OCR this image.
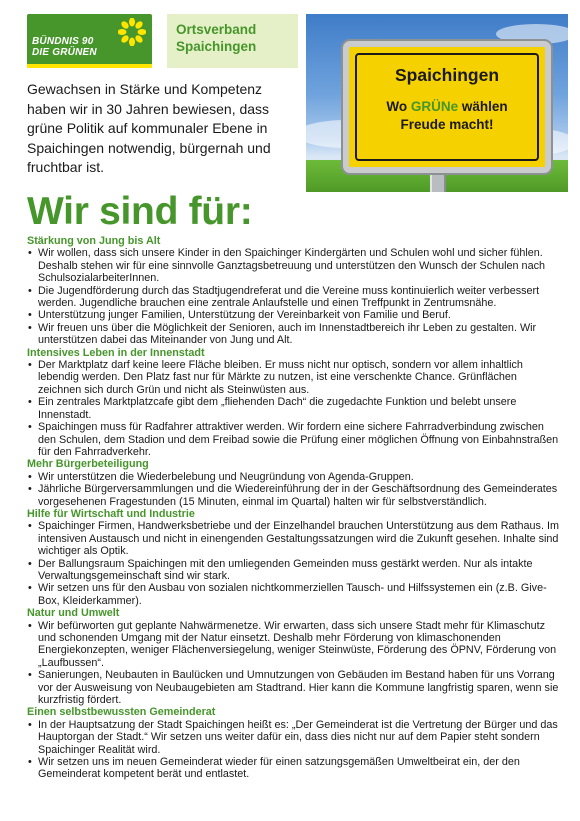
BÜNDNIS 90
DIE GRÜNEN
Ortsverband
Spaichingen
Gewachsen in Stärke und Kompetenz haben wir in 30 Jahren bewiesen, dass grüne Politik auf kommunaler Ebene in Spaichingen notwendig, bürgernah und fruchtbar ist.
Spaichingen
Wo GRÜNe wählen
Freude macht!
Wir sind für:
Stärkung von Jung bis Alt
• Wir wollen, dass sich unsere Kinder in den Spaichinger Kindergärten und Schulen wohl und sicher fühlen. Deshalb stehen wir für eine sinnvolle Ganztagsbetreuung und unterstützen den Wunsch der Schulen nach SchulsozialarbeiterInnen.
• Die Jugendförderung durch das Stadtjugendreferat und die Vereine muss kontinuierlich weiter verbessert werden. Jugendliche brauchen eine zentrale Anlaufstelle und einen Treffpunkt in Zentrumsnähe.
• Unterstützung junger Familien, Unterstützung der Vereinbarkeit von Familie und Beruf.
• Wir freuen uns über die Möglichkeit der Senioren, auch im Innenstadtbereich ihr Leben zu gestalten. Wir unterstützen dabei das Miteinander von Jung und Alt.
Intensives Leben in der Innenstadt
• Der Marktplatz darf keine leere Fläche bleiben. Er muss nicht nur optisch, sondern vor allem inhaltlich lebendig werden. Den Platz fast nur für Märkte zu nutzen, ist eine verschenkte Chance. Grünflächen zeichnen sich durch Grün und nicht als Steinwüsten aus.
• Ein zentrales Marktplatzcafe gibt dem „fliehenden Dach“ die zugedachte Funktion und belebt unsere Innenstadt.
• Spaichingen muss für Radfahrer attraktiver werden. Wir fordern eine sichere Fahrradverbindung zwischen den Schulen, dem Stadion und dem Freibad sowie die Prüfung einer möglichen Öffnung von Einbahnstraßen für den Fahrradverkehr.
Mehr Bürgerbeteiligung
• Wir unterstützen die Wiederbelebung und Neugründung von Agenda-Gruppen.
• Jährliche Bürgerversammlungen und die Wiedereinführung der in der Geschäftsordnung des Gemeinderates vorgesehenen Fragestunden (15 Minuten, einmal im Quartal) halten wir für selbstverständlich.
Hilfe für Wirtschaft und Industrie
• Spaichinger Firmen, Handwerksbetriebe und der Einzelhandel brauchen Unterstützung aus dem Rathaus. Im intensiven Austausch und nicht in einengenden Gestaltungssatzungen wird die Zukunft gesehen. Inhalte sind wichtiger als Optik.
• Der Ballungsraum Spaichingen mit den umliegenden Gemeinden muss gestärkt werden. Nur als intakte Verwaltungsgemeinschaft sind wir stark.
• Wir setzen uns für den Ausbau von sozialen nichtkommerziellen Tausch- und Hilfssystemen ein (z.B. Give-Box, Kleiderkammer).
Natur und Umwelt
• Wir befürworten gut geplante Nahwärmenetze. Wir erwarten, dass sich unsere Stadt mehr für Klimaschutz und schonenden Umgang mit der Natur einsetzt. Deshalb mehr Förderung von klimaschonenden Energiekonzepten, weniger Flächenversiegelung, weniger Steinwüste, Förderung des ÖPNV, Förderung von „Laufbussen“.
• Sanierungen, Neubauten in Baulücken und Umnutzungen von Gebäuden im Bestand haben für uns Vorrang vor der Ausweisung von Neubaugebieten am Stadtrand. Hier kann die Kommune langfristig sparen, wenn sie kurzfristig fördert.
Einen selbstbewussten Gemeinderat
• In der Hauptsatzung der Stadt Spaichingen heißt es: „Der Gemeinderat ist die Vertretung der Bürger und das Hauptorgan der Stadt.“ Wir setzen uns weiter dafür ein, dass dies nicht nur auf dem Papier steht sondern Spaichinger Realität wird.
• Wir setzen uns im neuen Gemeinderat wieder für einen satzungsgemäßen Umweltbeirat ein, der den Gemeinderat kompetent berät und entlastet.
